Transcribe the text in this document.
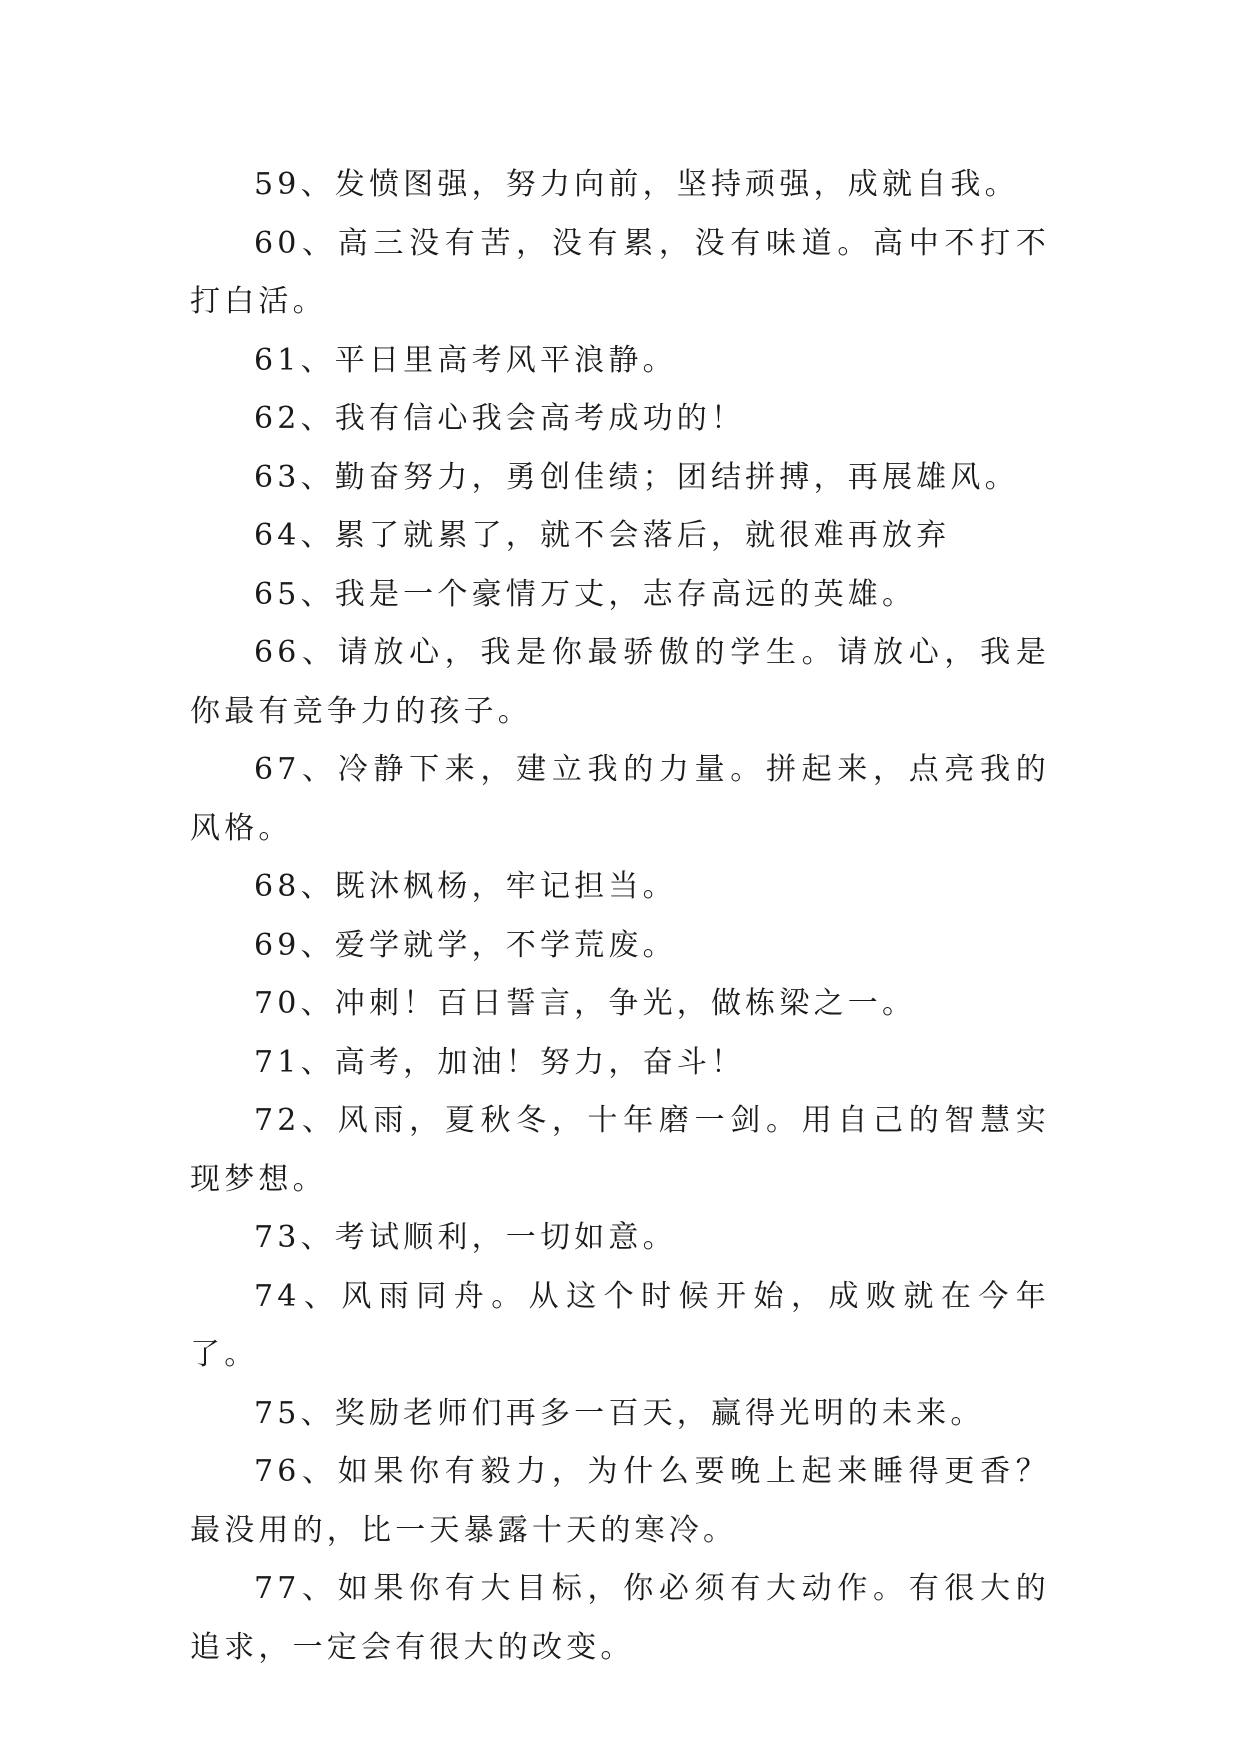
59、发愤图强，努力向前，坚持顽强，成就自我。

60、高三没有苦，没有累，没有味道。高中不打不打白活。

61、平日里高考风平浪静。

62、我有信心我会高考成功的！

63、勤奋努力，勇创佳绩；团结拼搏，再展雄风。

64、累了就累了，就不会落后，就很难再放弃

65、我是一个豪情万丈，志存高远的英雄。

66、请放心，我是你最骄傲的学生。请放心，我是你最有竞争力的孩子。

67、冷静下来，建立我的力量。拼起来，点亮我的风格。

68、既沐枫杨，牢记担当。

69、爱学就学，不学荒废。

70、冲刺！百日誓言，争光，做栋梁之一。

71、高考，加油！努力，奋斗！

72、风雨，夏秋冬，十年磨一剑。用自己的智慧实现梦想。

73、考试顺利，一切如意。

74、风雨同舟。从这个时候开始，成败就在今年了。

75、奖励老师们再多一百天，赢得光明的未来。

76、如果你有毅力，为什么要晚上起来睡得更香？最没用的，比一天暴露十天的寒冷。

77、如果你有大目标，你必须有大动作。有很大的追求，一定会有很大的改变。
